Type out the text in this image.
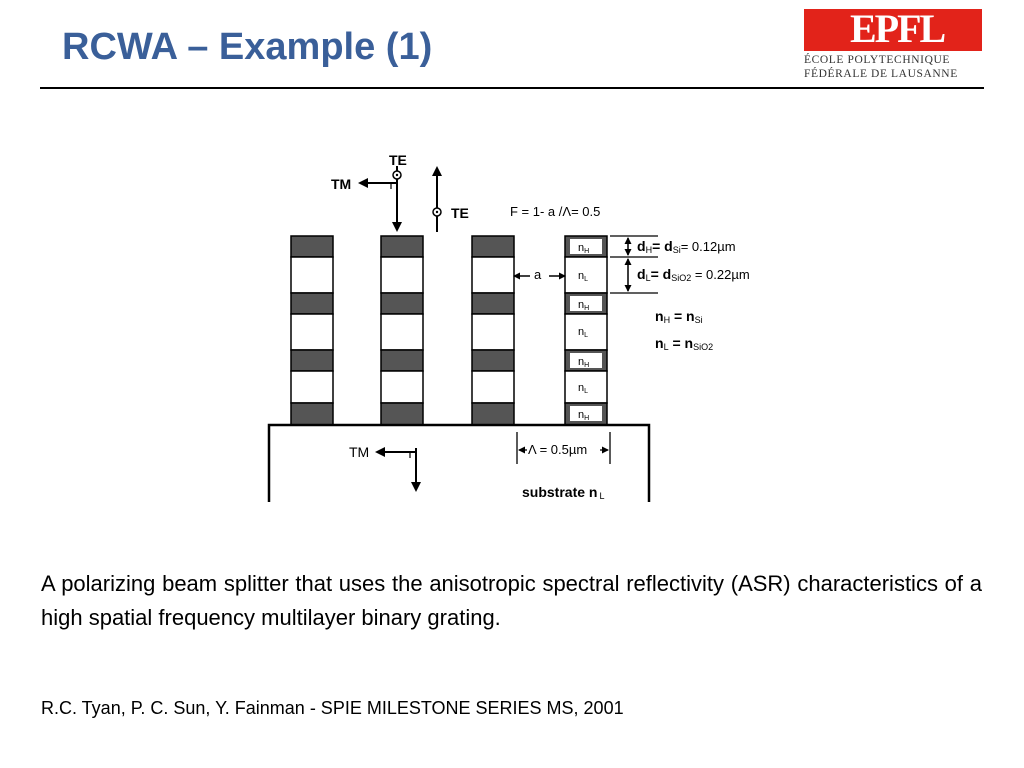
RCWA – Example (1)	EPFL
ÉCOLE POLYTECHNIQUE
FÉDÉRALE DE LAUSANNE
nH
nL
nH
nL
nH
nL
nH
TE
TM
TE	F = 1- a /Λ= 0.5
a
dH= dSi= 0.12µm
dL= dSiO2 = 0.22µm
nH = nSi
nL = nSiO2
TM	Λ = 0.5µm
substrate n L
A polarizing beam splitter that uses the anisotropic spectral reflectivity (ASR) characteristics of a high spatial frequency multilayer binary grating.
R.C. Tyan, P. C. Sun, Y. Fainman - SPIE MILESTONE SERIES MS, 2001
